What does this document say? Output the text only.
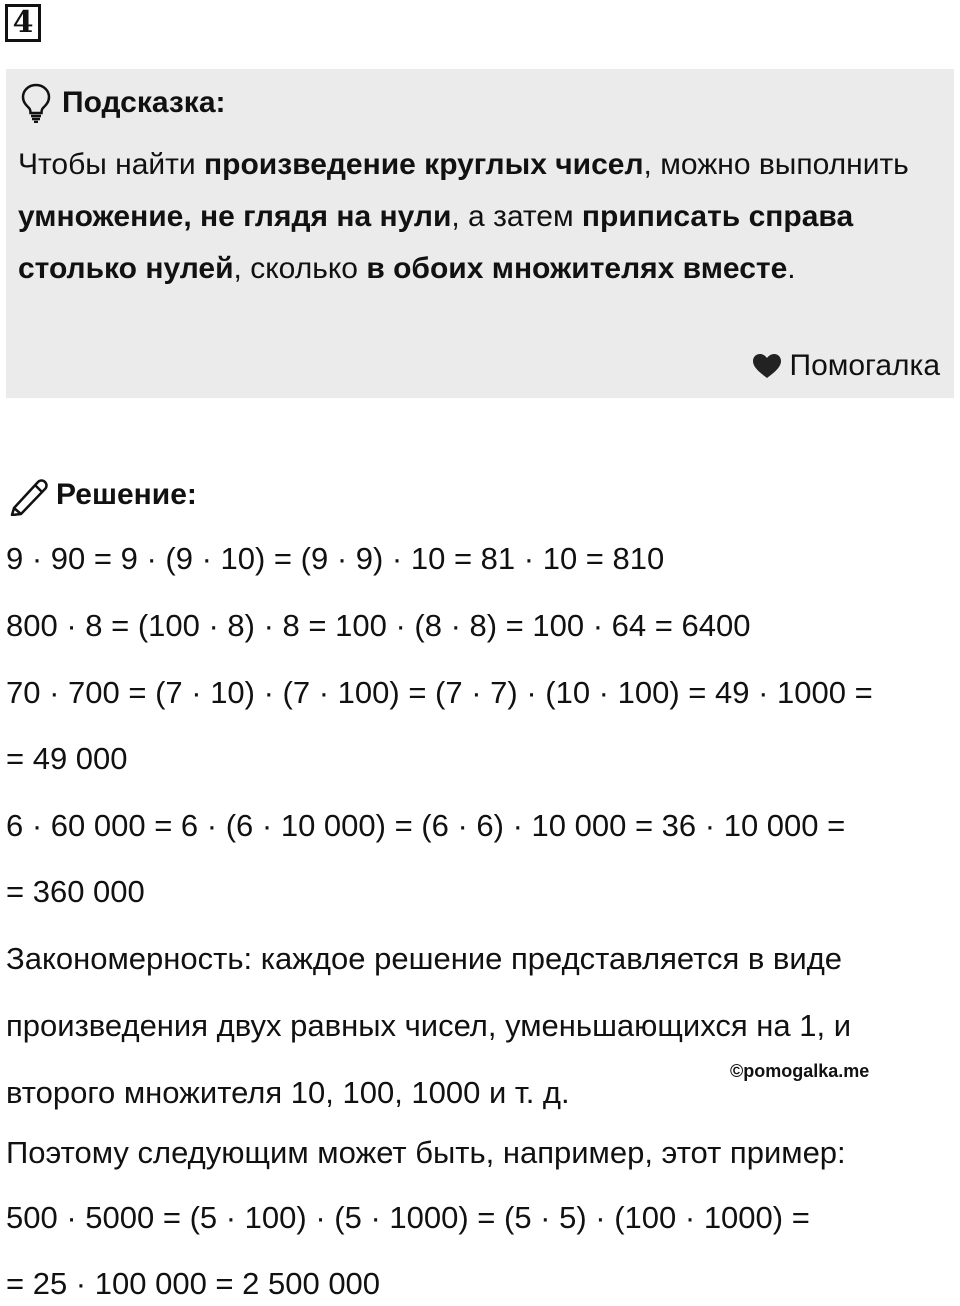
4
Подсказка:
Чтобы найти произведение круглых чисел, можно выполнить умножение, не глядя на нули, а затем приписать справа столько нулей, сколько в обоих множителях вместе.
Помогалка
Решение:
9 · 90 = 9 · (9 · 10) = (9 · 9) · 10 = 81 · 10 = 810
800 · 8 = (100 · 8) · 8 = 100 · (8 · 8) = 100 · 64 = 6400
70 · 700 = (7 · 10) · (7 · 100) = (7 · 7) · (10 · 100) = 49 · 1000 =
= 49 000
6 · 60 000 = 6 · (6 · 10 000) = (6 · 6) · 10 000 = 36 · 10 000 =
= 360 000
Закономерность: каждое решение представляется в виде
произведения двух равных чисел, уменьшающихся на 1, и
второго множителя 10, 100, 1000 и т. д.
Поэтому следующим может быть, например, этот пример:
500 · 5000 = (5 · 100) · (5 · 1000) = (5 · 5) · (100 · 1000) =
= 25 · 100 000 = 2 500 000
©pomogalka.me
